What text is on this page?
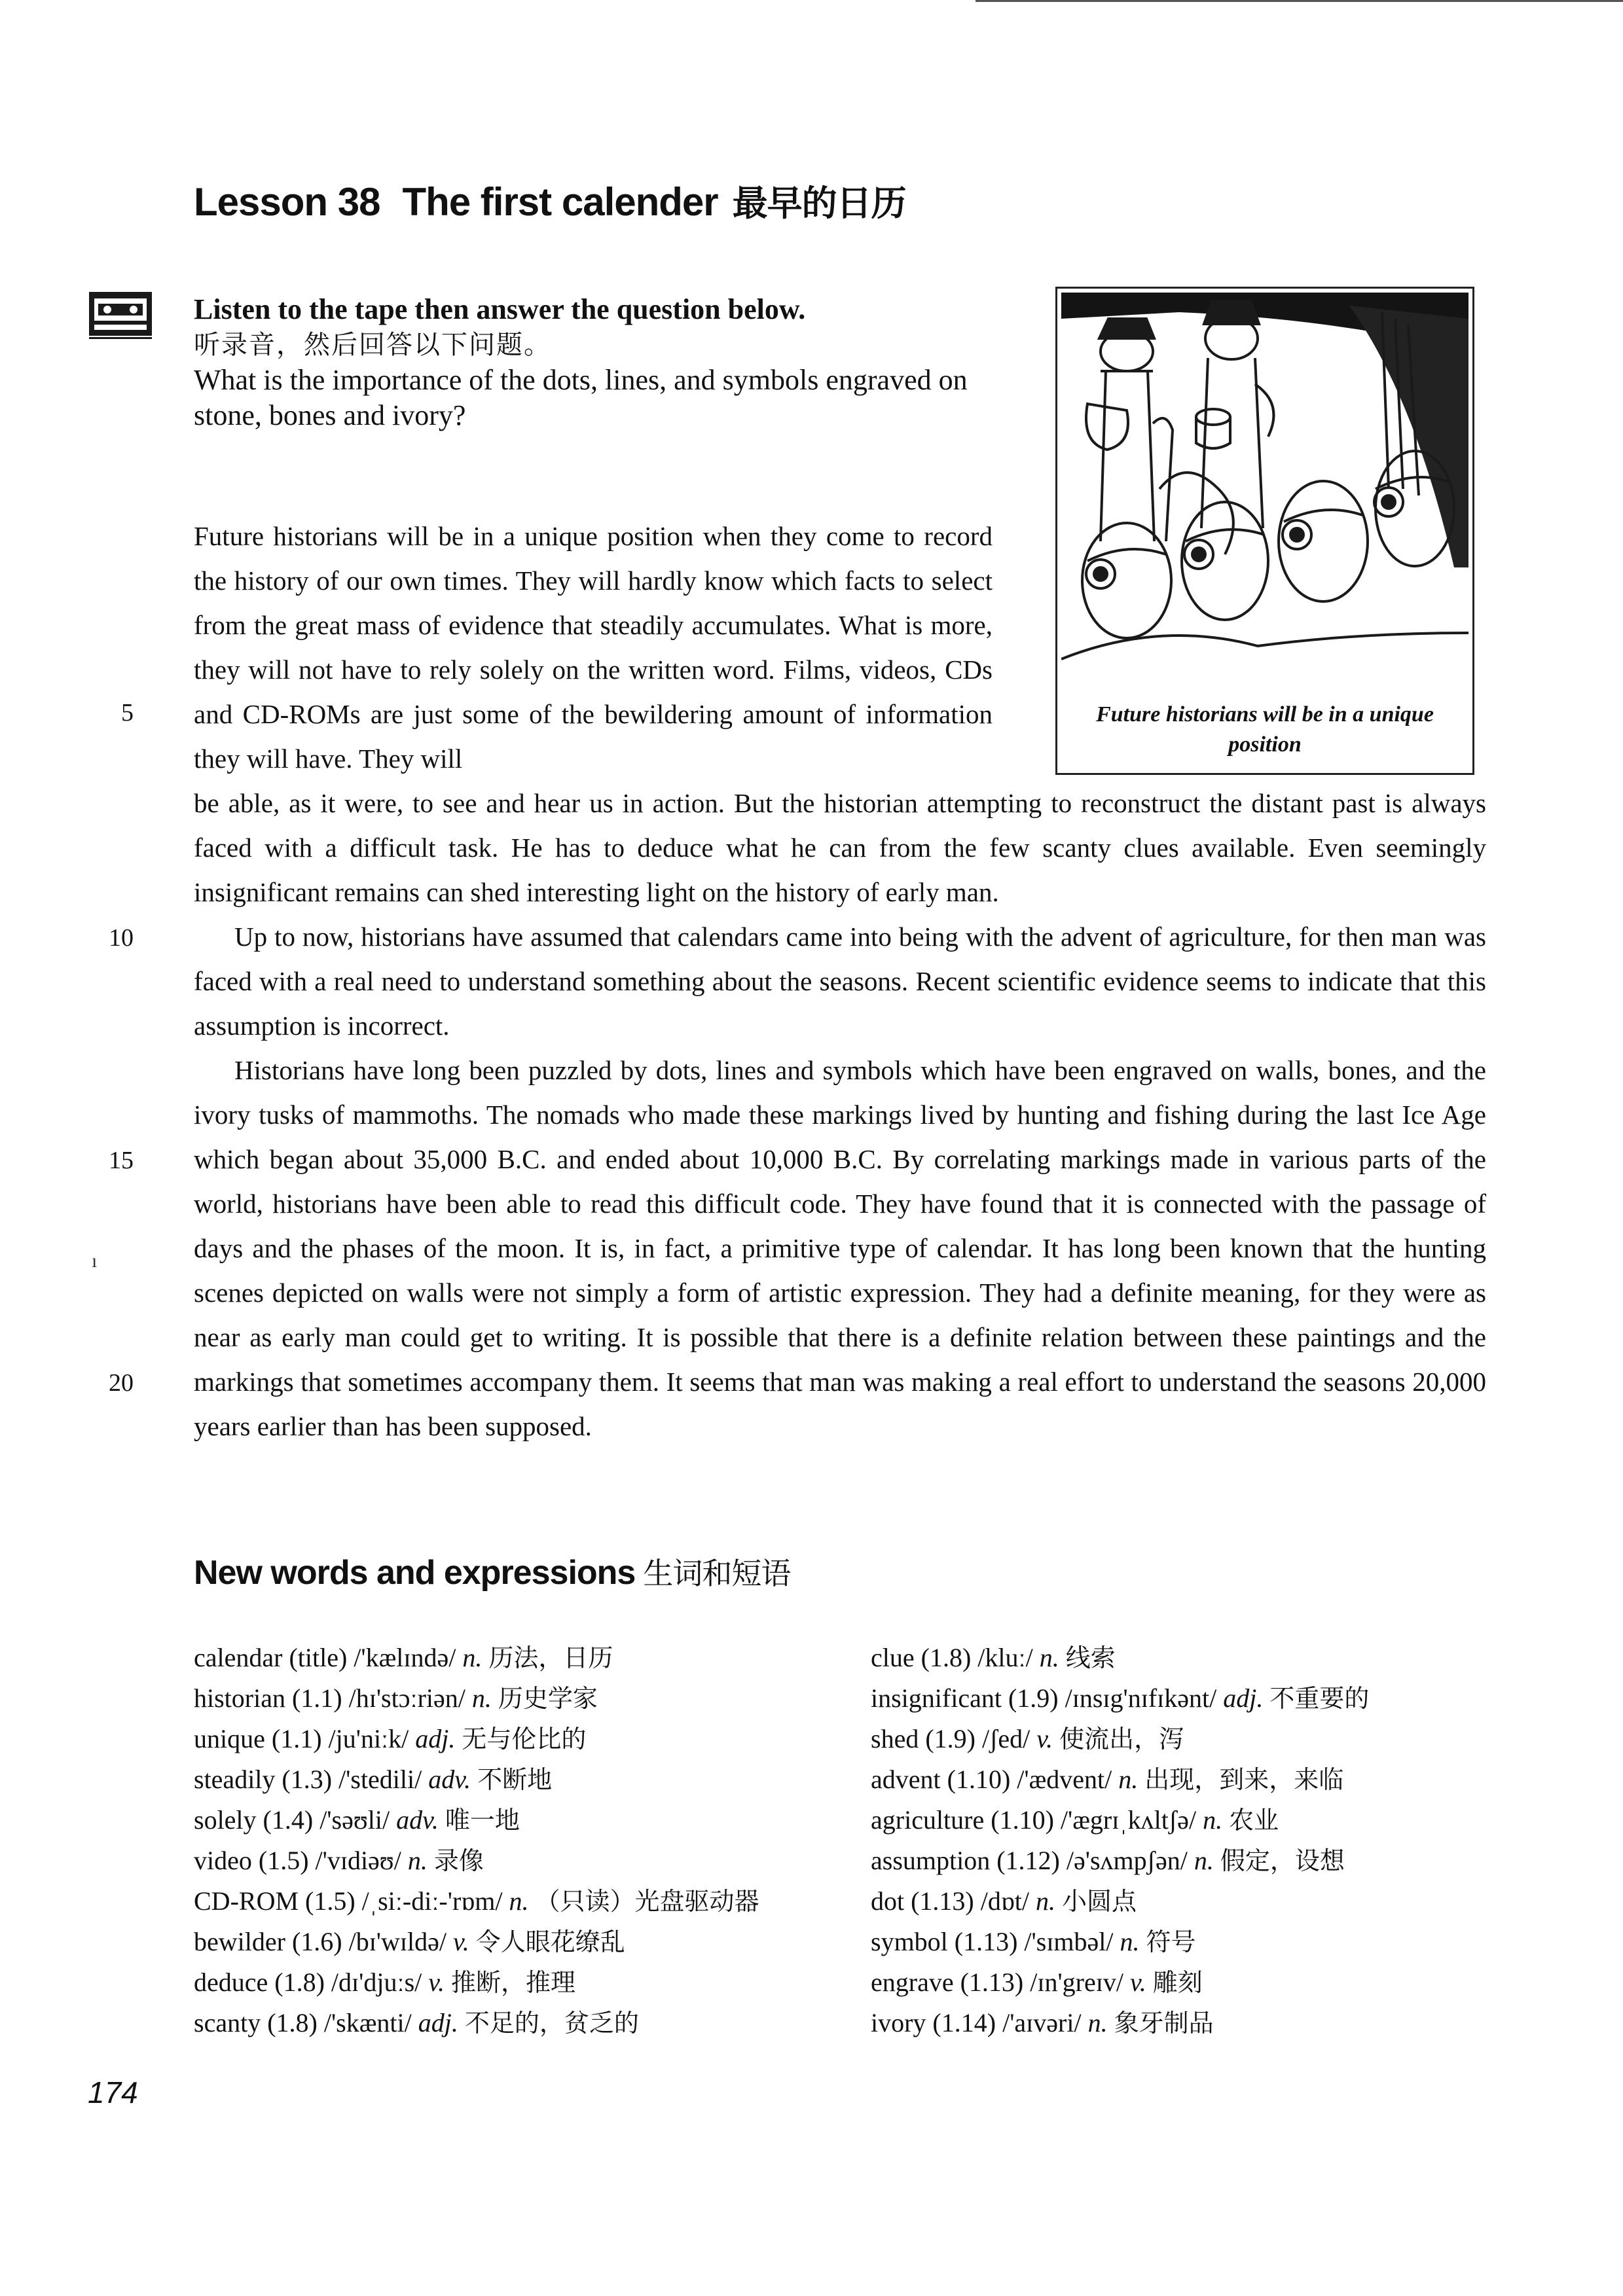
Lesson 38 The first calender 最早的日历
Listen to the tape then answer the question below.
听录音，然后回答以下问题。
What is the importance of the dots, lines, and symbols engraved on stone, bones and ivory?
Future historians will be in a unique position
Future historians will be in a unique position when they come to record the history of our own times. They will hardly know which facts to select from the great mass of evidence that steadily accumulates. What is more, they will not have to rely solely on the written word. Films, videos, CDs and CD-ROMs are just some of the bewildering amount of information they will have. They will
be able, as it were, to see and hear us in action. But the historian attempting to reconstruct the distant past is always faced with a difficult task. He has to deduce what he can from the few scanty clues available. Even seemingly insignificant remains can shed interesting light on the history of early man.
Up to now, historians have assumed that calendars came into being with the advent of agriculture, for then man was faced with a real need to understand something about the seasons. Recent scientific evidence seems to indicate that this assumption is incorrect.
Historians have long been puzzled by dots, lines and symbols which have been engraved on walls, bones, and the ivory tusks of mammoths. The nomads who made these markings lived by hunting and fishing during the last Ice Age which began about 35,000 B.C. and ended about 10,000 B.C. By correlating markings made in various parts of the world, historians have been able to read this difficult code. They have found that it is connected with the passage of days and the phases of the moon. It is, in fact, a primitive type of calendar. It has long been known that the hunting scenes depicted on walls were not simply a form of artistic expression. They had a definite meaning, for they were as near as early man could get to writing. It is possible that there is a definite relation between these paintings and the markings that sometimes accompany them. It seems that man was making a real effort to understand the seasons 20,000 years earlier than has been supposed.
5
10
15
20
ı
New words and expressions 生词和短语
calendar (title) /'kælɪndə/ n. 历法，日历
historian (1.1) /hɪ'stɔːriən/ n. 历史学家
unique (1.1) /ju'niːk/ adj. 无与伦比的
steadily (1.3) /'stedili/ adv. 不断地
solely (1.4) /'səʊli/ adv. 唯一地
video (1.5) /'vɪdiəʊ/ n. 录像
CD-ROM (1.5) /ˌsiː-diː-'rɒm/ n. （只读）光盘驱动器
bewilder (1.6) /bɪ'wɪldə/ v. 令人眼花缭乱
deduce (1.8) /dɪ'djuːs/ v. 推断，推理
scanty (1.8) /'skænti/ adj. 不足的，贫乏的
clue (1.8) /kluː/ n. 线索
insignificant (1.9) /ɪnsɪg'nɪfɪkənt/ adj. 不重要的
shed (1.9) /ʃed/ v. 使流出，泻
advent (1.10) /'ædvent/ n. 出现，到来，来临
agriculture (1.10) /'ægrɪˌkʌltʃə/ n. 农业
assumption (1.12) /ə'sʌmpʃən/ n. 假定，设想
dot (1.13) /dɒt/ n. 小圆点
symbol (1.13) /'sɪmbəl/ n. 符号
engrave (1.13) /ɪn'greɪv/ v. 雕刻
ivory (1.14) /'aɪvəri/ n. 象牙制品
174
